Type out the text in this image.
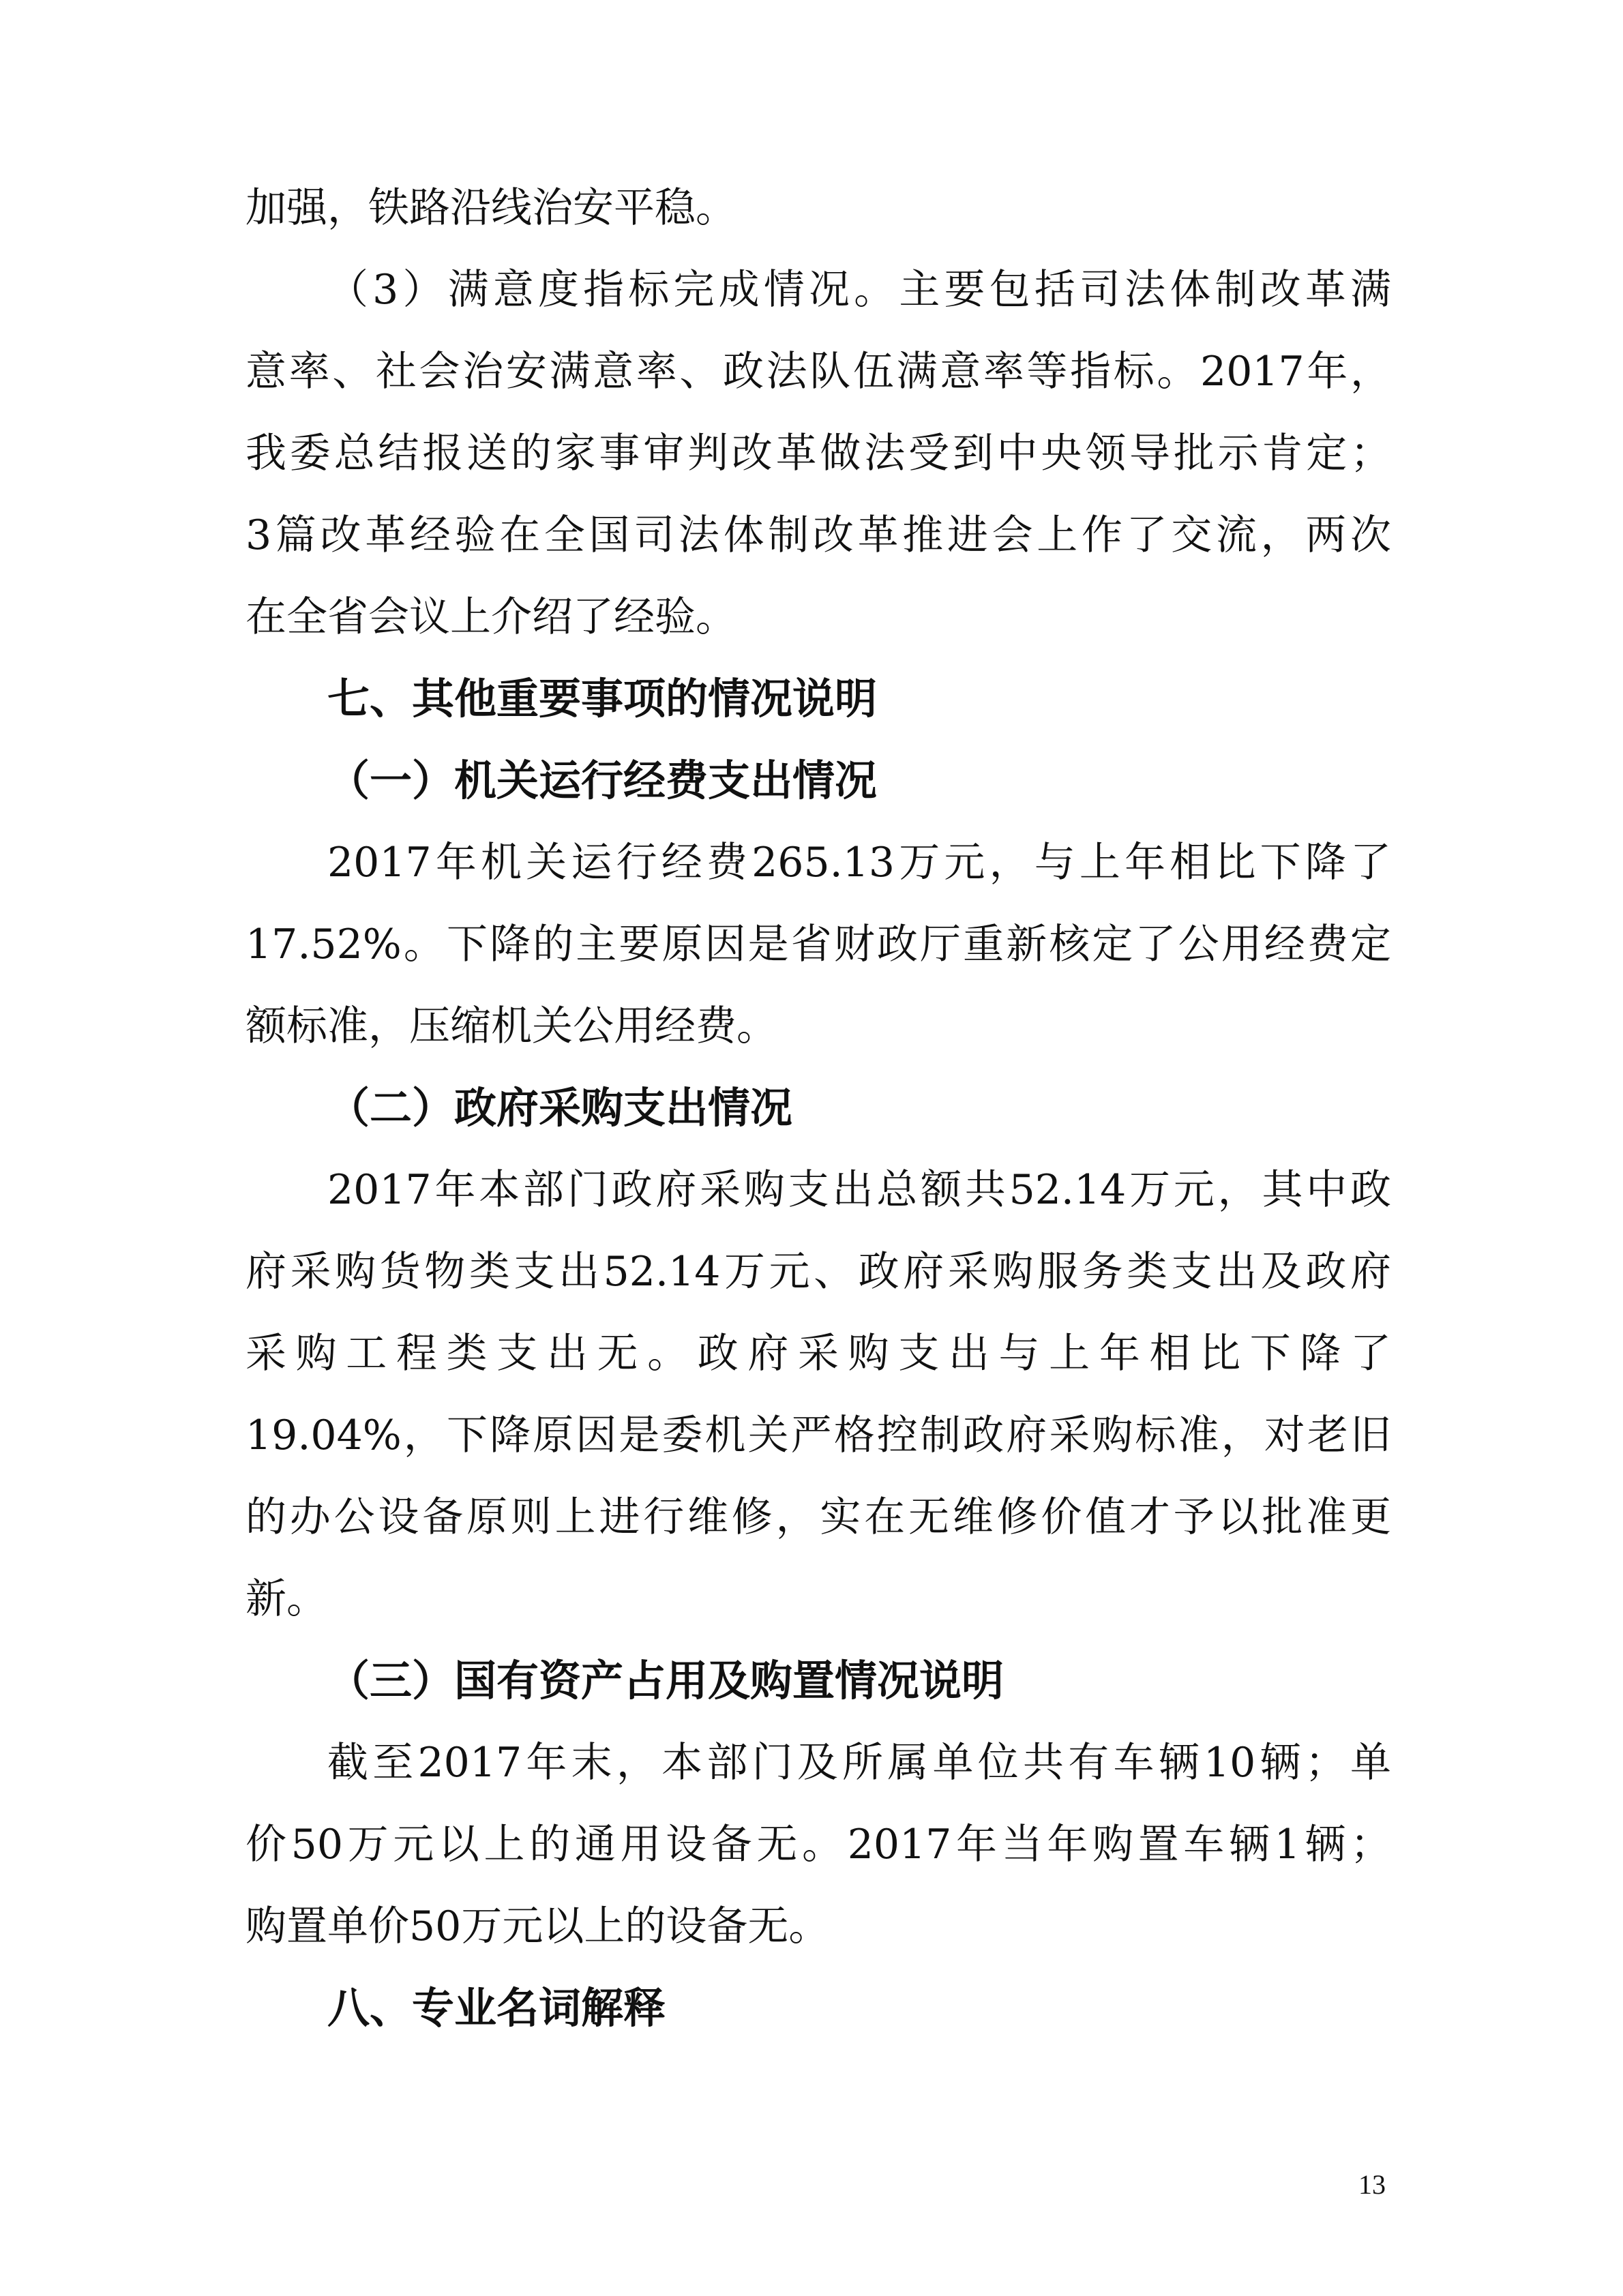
加强，铁路沿线治安平稳。
（3）满意度指标完成情况。主要包括司法体制改革满
意率、社会治安满意率、政法队伍满意率等指标。2017年，
我委总结报送的家事审判改革做法受到中央领导批示肯定；
3篇改革经验在全国司法体制改革推进会上作了交流，两次
在全省会议上介绍了经验。
七、其他重要事项的情况说明
（一）机关运行经费支出情况
2017年机关运行经费265.13万元，与上年相比下降了
17.52%。下降的主要原因是省财政厅重新核定了公用经费定
额标准，压缩机关公用经费。
（二）政府采购支出情况
2017年本部门政府采购支出总额共52.14万元，其中政
府采购货物类支出52.14万元、政府采购服务类支出及政府
采购工程类支出无。政府采购支出与上年相比下降了
19.04%，下降原因是委机关严格控制政府采购标准，对老旧
的办公设备原则上进行维修，实在无维修价值才予以批准更
新。
（三）国有资产占用及购置情况说明
截至2017年末，本部门及所属单位共有车辆10辆；单
价50万元以上的通用设备无。2017年当年购置车辆1辆；
购置单价50万元以上的设备无。
八、专业名词解释
13
